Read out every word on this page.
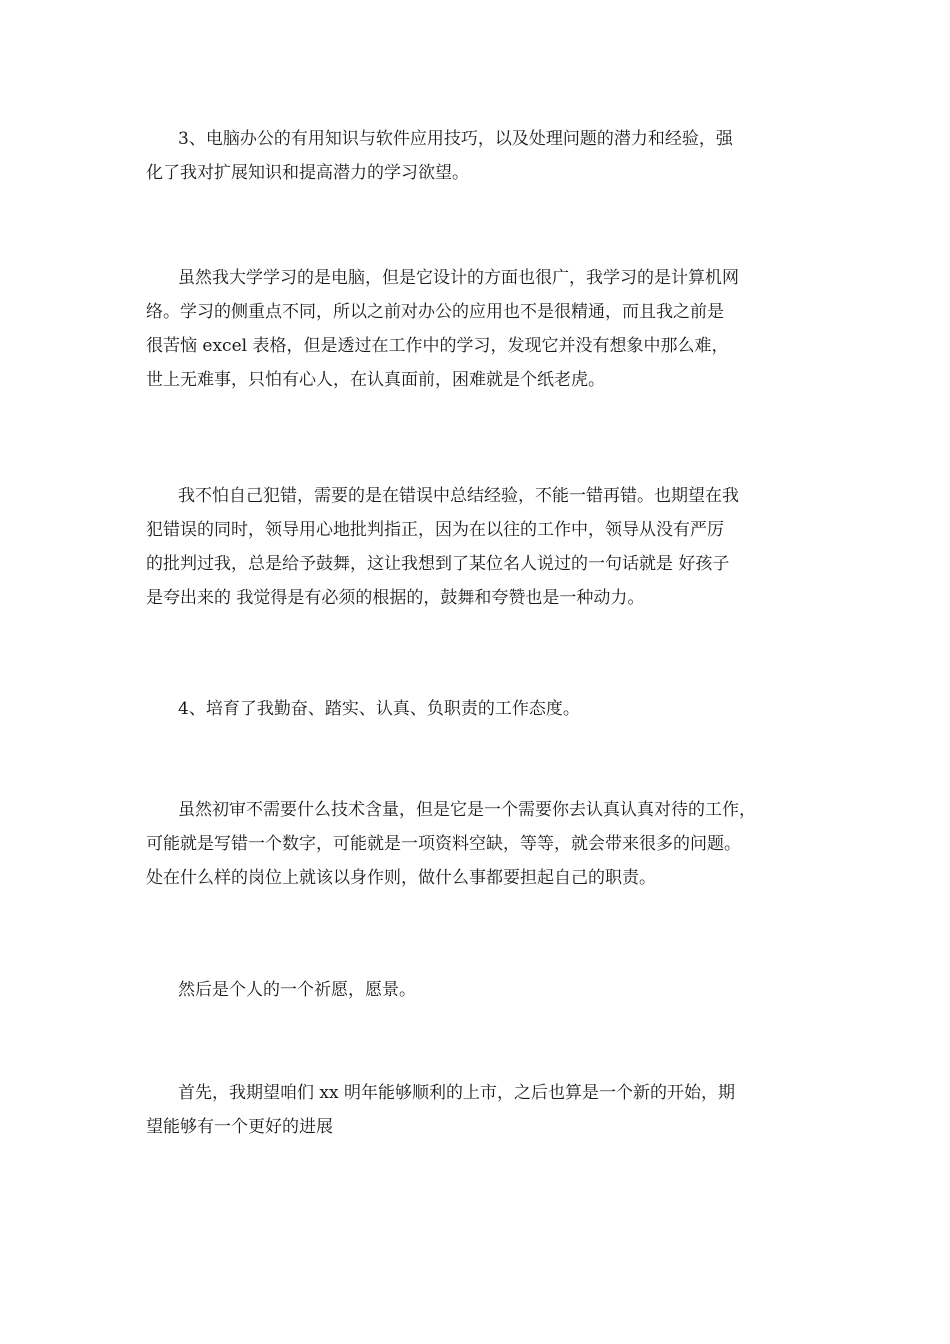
3、电脑办公的有用知识与软件应用技巧，以及处理问题的潜力和经验，强
化了我对扩展知识和提高潜力的学习欲望。
虽然我大学学习的是电脑，但是它设计的方面也很广，我学习的是计算机网
络。学习的侧重点不同，所以之前对办公的应用也不是很精通，而且我之前是
很苦恼 excel 表格，但是透过在工作中的学习，发现它并没有想象中那么难，
世上无难事，只怕有心人，在认真面前，困难就是个纸老虎。
我不怕自己犯错，需要的是在错误中总结经验，不能一错再错。也期望在我
犯错误的同时，领导用心地批判指正，因为在以往的工作中，领导从没有严厉
的批判过我，总是给予鼓舞，这让我想到了某位名人说过的一句话就是 好孩子
是夸出来的 我觉得是有必须的根据的，鼓舞和夸赞也是一种动力。
4、培育了我勤奋、踏实、认真、负职责的工作态度。
虽然初审不需要什么技术含量，但是它是一个需要你去认真认真对待的工作，
可能就是写错一个数字，可能就是一项资料空缺，等等，就会带来很多的问题。
处在什么样的岗位上就该以身作则，做什么事都要担起自己的职责。
然后是个人的一个祈愿，愿景。
首先，我期望咱们 xx 明年能够顺利的上市，之后也算是一个新的开始，期
望能够有一个更好的进展
